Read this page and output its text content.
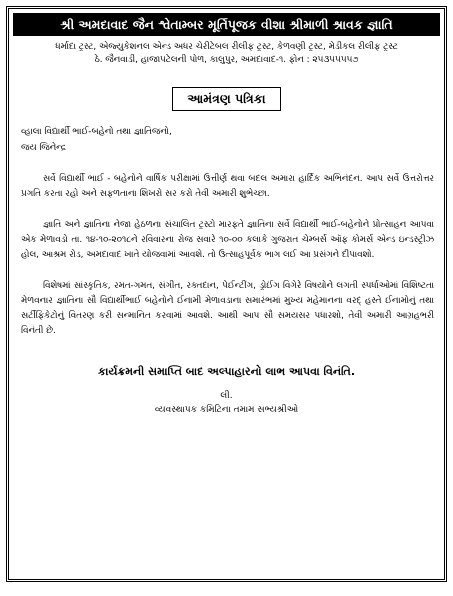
શ્રી અમદાવાદ જૈન શ્વેતામ્બર મૂર્તિપૂજક વીશા શ્રીમાળી શ્રાવક જ્ઞાતિ
ધર્માદા ટ્રસ્ટ, એજ્યુકેશનલ એન્ડ અધર ચેરીટેબલ રીલીફ ટ્રસ્ટ, કેળવણી ટ્રસ્ટ, મેડીકલ રીલીફ ટ્રસ્ટ
ઠે. જૈનવાડી, હાજાપટેલની પોળ, કાલુપુર, અમદાવાદ-૧. ફોન : ૨૫૩૫૫૫૫૭
આમંત્રણ પત્રિકા
વ્હાલા વિદ્યાર્થી ભાઈ-બહેનો તથા જ્ઞાતિજનો,
જય જિનેન્દ્ર
સર્વે વિદ્યાર્થી ભાઈ - બહેનોને વાર્ષિક પરીક્ષામાં ઉત્તીર્ણ થવા બદલ અમારા હાર્દિક અભિનંદન. આપ સર્વે ઉત્તરોત્તર પ્રગતિ કરતા રહો અને સફળતાના શિખરો સર કરો તેવી અમારી શુભેચ્છા.
જ્ઞાતિ અને જ્ઞાતિના નેજા હેઠળના સંચાલિત ટ્રસ્ટો મારફતે જ્ઞાતિના સર્વે વિદ્યાર્થી ભાઈ-બહેનોને પ્રોત્સાહન આપવા એક મેળાવડો તા. ૧૪-૧૦-૨૦૧૮ને રવિવારના રોજ સવારે ૧૦-૦૦ કલાકે ગુજરાત ચેમ્બર્સ ઑફ કોમર્સ એન્ડ ઇન્ડસ્ટ્રીઝ હોલ, આશ્રમ રોડ, અમદાવાદ ખાતે યોજવામાં આવશે. તો ઉત્સાહપૂર્વક ભાગ લઈ આ પ્રસંગને દીપાવશો.
વિશેષમાં સાંસ્કૃતિક, રમત-ગમત, સંગીત, રક્તદાન, પેઈન્ટીંગ, ડ્રોઈંગ વિગેરે વિષયોને લગતી સ્પર્ધાઓમાં વિશિષ્ટતા મેળવનાર જ્ઞાતિના સૌ વિદ્યાર્થીભાઈ બહેનોને ઈનામી મેળાવડાના સમારંભમાં મુખ્ય મહેમાનના વરદ્ હસ્તે ઈનામોનું તથા સર્ટીફિકેટોનું વિતરણ કરી સન્માનિત કરવામાં આવશે. આથી આપ સૌ સમયસર પધારશો, તેવી અમારી આગ્રહભરી વિનંતી છે.
કાર્યક્રમની સમાપ્તિ બાદ અલ્પાહારનો લાભ આપવા વિનંતિ.
લી.
વ્યવસ્થાપક કમિટિના તમામ સભ્યશ્રીઓ
